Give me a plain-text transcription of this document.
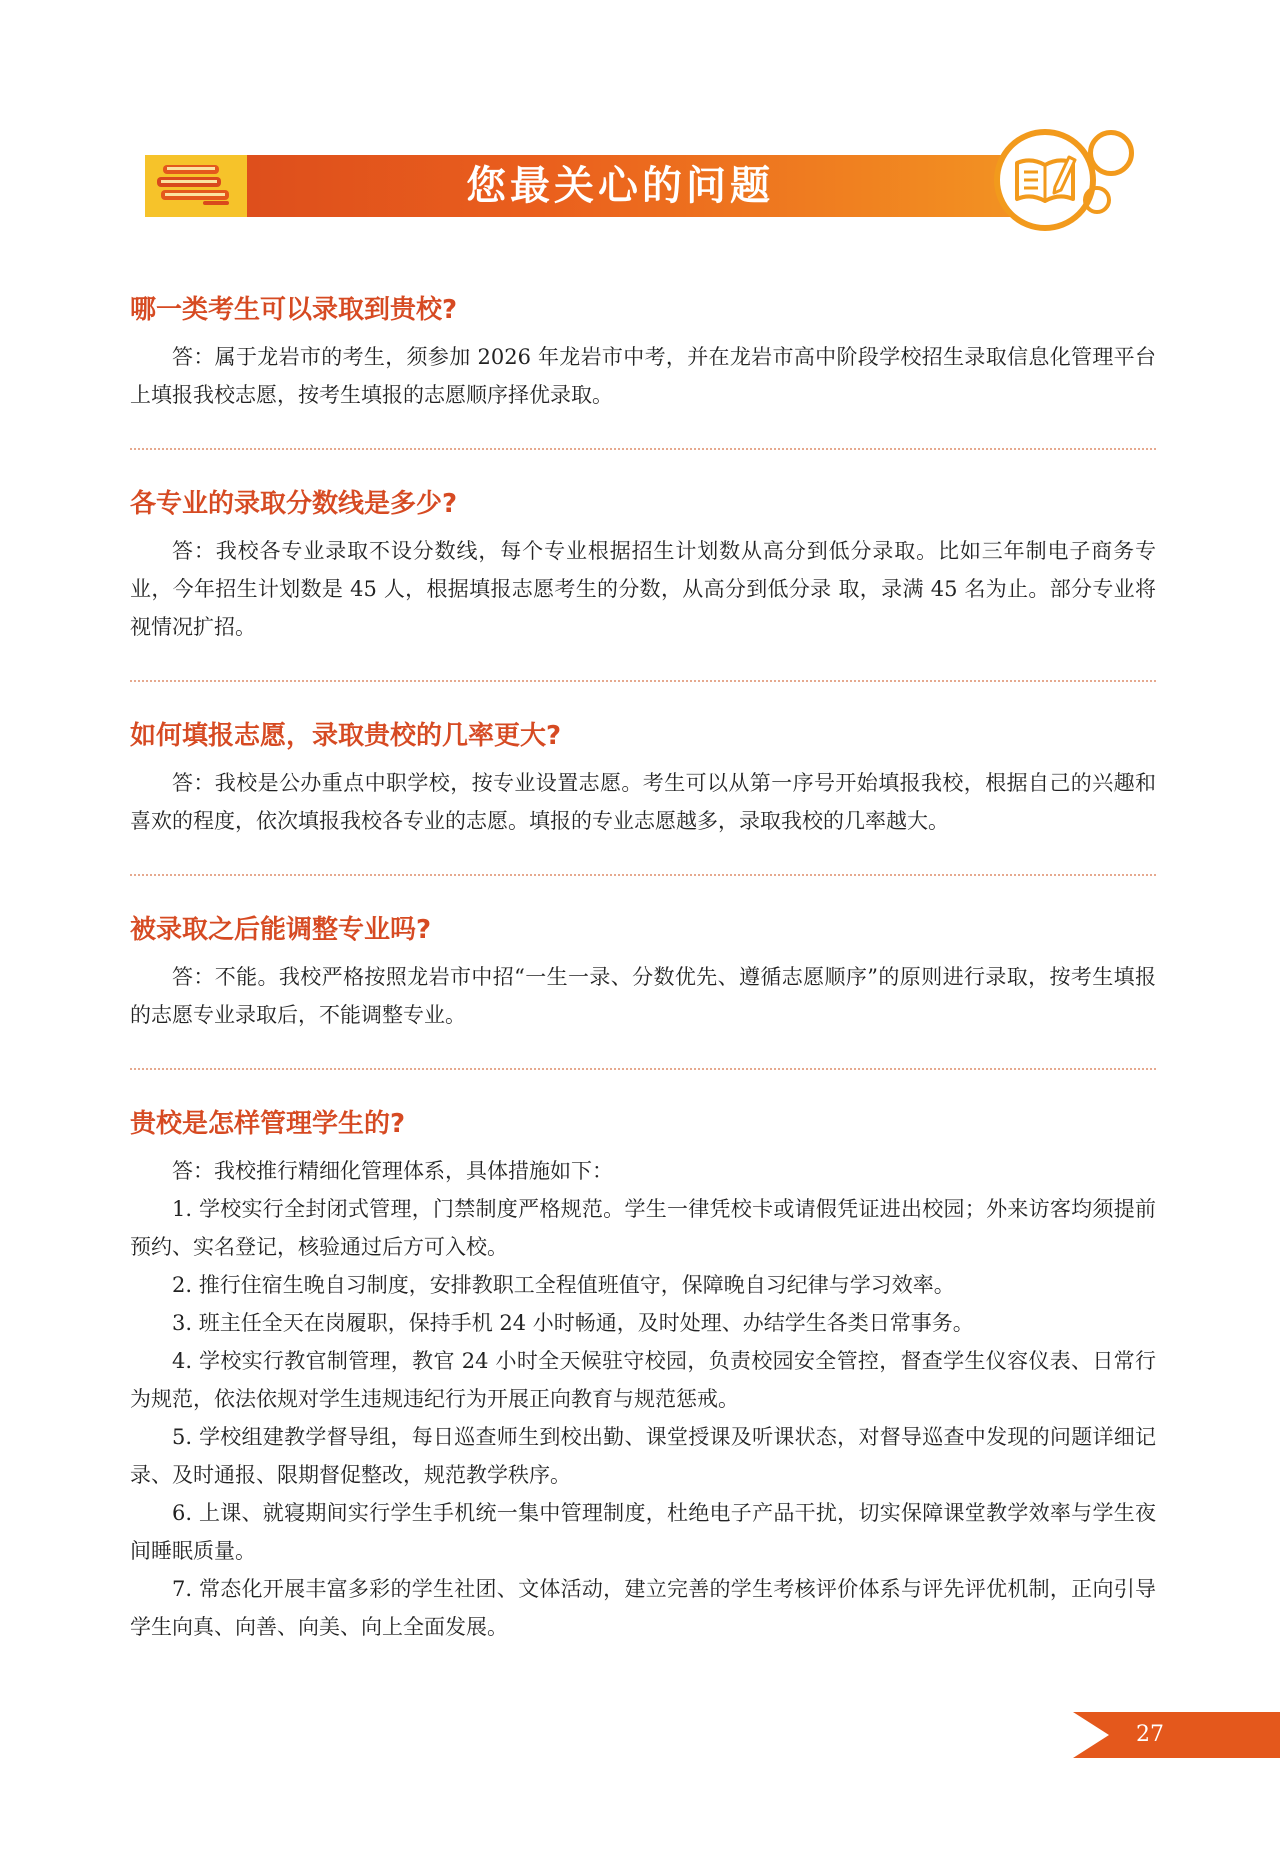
您最关心的问题
哪一类考生可以录取到贵校?

答：属于龙岩市的考生，须参加 2026 年龙岩市中考，并在龙岩市高中阶段学校招生录取信息化管理平台上填报我校志愿，按考生填报的志愿顺序择优录取。

各专业的录取分数线是多少?

答：我校各专业录取不设分数线，每个专业根据招生计划数从高分到低分录取。比如三年制电子商务专业，今年招生计划数是 45 人，根据填报志愿考生的分数，从高分到低分录 取，录满 45 名为止。部分专业将视情况扩招。

如何填报志愿，录取贵校的几率更大?

答：我校是公办重点中职学校，按专业设置志愿。考生可以从第一序号开始填报我校，根据自己的兴趣和喜欢的程度，依次填报我校各专业的志愿。填报的专业志愿越多，录取我校的几率越大。

被录取之后能调整专业吗?

答：不能。我校严格按照龙岩市中招“一生一录、分数优先、遵循志愿顺序”的原则进行录取，按考生填报的志愿专业录取后，不能调整专业。

贵校是怎样管理学生的?

答：我校推行精细化管理体系，具体措施如下：

1. 学校实行全封闭式管理，门禁制度严格规范。学生一律凭校卡或请假凭证进出校园；外来访客均须提前预约、实名登记，核验通过后方可入校。

2. 推行住宿生晚自习制度，安排教职工全程值班值守，保障晚自习纪律与学习效率。

3. 班主任全天在岗履职，保持手机 24 小时畅通，及时处理、办结学生各类日常事务。

4. 学校实行教官制管理，教官 24 小时全天候驻守校园，负责校园安全管控，督查学生仪容仪表、日常行为规范，依法依规对学生违规违纪行为开展正向教育与规范惩戒。

5. 学校组建教学督导组，每日巡查师生到校出勤、课堂授课及听课状态，对督导巡查中发现的问题详细记录、及时通报、限期督促整改，规范教学秩序。

6. 上课、就寝期间实行学生手机统一集中管理制度，杜绝电子产品干扰，切实保障课堂教学效率与学生夜间睡眠质量。

7. 常态化开展丰富多彩的学生社团、文体活动，建立完善的学生考核评价体系与评先评优机制，正向引导学生向真、向善、向美、向上全面发展。

27
